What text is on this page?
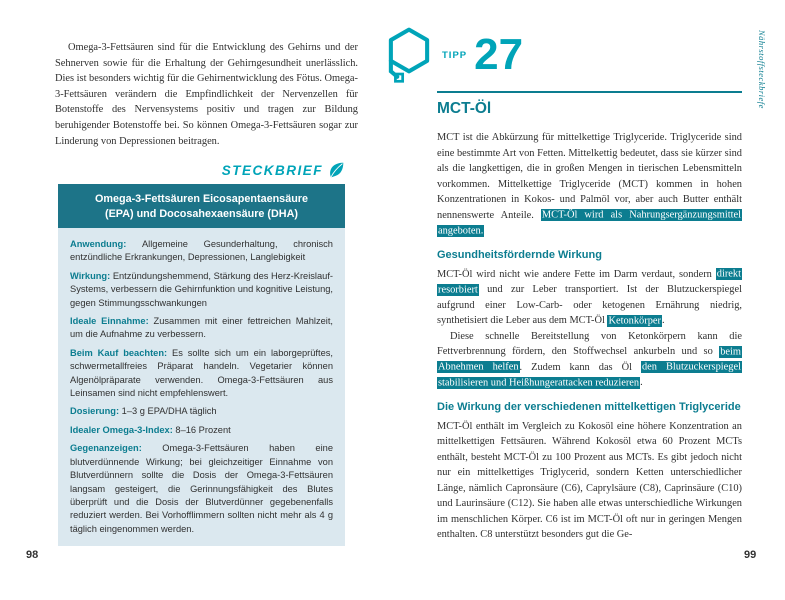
Omega-3-Fettsäuren sind für die Entwicklung des Gehirns und der Sehnerven sowie für die Erhaltung der Gehirngesundheit unerlässlich. Dies ist besonders wichtig für die Gehirnentwicklung des Fötus. Omega-3-Fettsäuren verändern die Empfindlichkeit der Nervenzellen für Botenstoffe des Nervensystems positiv und tragen zur Bildung beruhigender Botenstoffe bei. So können Omega-3-Fettsäuren sogar zur Linderung von Depressionen beitragen.

STECKBRIEF
Omega-3-Fettsäuren Eicosapentaensäure
(EPA) und Docosahexaensäure (DHA)

Anwendung: Allgemeine Gesunderhaltung, chronisch entzündliche Erkrankungen, Depressionen, Langlebigkeit

Wirkung: Entzündungshemmend, Stärkung des Herz-Kreislauf-Systems, verbessern die Gehirnfunktion und kognitive Leistung, gegen Stimmungsschwankungen

Ideale Einnahme: Zusammen mit einer fettreichen Mahlzeit, um die Aufnahme zu verbessern.

Beim Kauf beachten: Es sollte sich um ein laborgeprüftes, schwermetallfreies Präparat handeln. Vegetarier können Algenölpräparate verwenden. Omega-3-Fettsäuren aus Leinsamen sind nicht empfehlenswert.

Dosierung: 1–3 g EPA/DHA täglich

Idealer Omega-3-Index: 8–16 Prozent

Gegenanzeigen: Omega-3-Fettsäuren haben eine blutverdünnende Wirkung; bei gleichzeitiger Einnahme von Blutverdünnern sollte die Dosis der Omega-3-Fettsäuren langsam gesteigert, die Gerinnungsfähigkeit des Blutes überprüft und die Dosis der Blutverdünner gegebenenfalls reduziert werden. Bei Vorhofflimmern sollten nicht mehr als 4 g täglich eingenommen werden.

98
TIPP 27	Nährstoffsteckbriefe
MCT-Öl

MCT ist die Abkürzung für mittelkettige Triglyceride. Triglyceride sind eine bestimmte Art von Fetten. Mittelkettig bedeutet, dass sie kürzer sind als die langkettigen, die in großen Mengen in tierischen Lebensmitteln vorkommen. Mittelkettige Triglyceride (MCT) kommen in hohen Konzentrationen in Kokos- und Palmöl vor, aber auch Butter enthält nennenswerte Anteile. MCT-Öl wird als Nahrungsergänzungsmittel angeboten.

Gesundheitsfördernde Wirkung

MCT-Öl wird nicht wie andere Fette im Darm verdaut, sondern direkt resorbiert und zur Leber transportiert. Ist der Blutzuckerspiegel aufgrund einer Low-Carb- oder ketogenen Ernährung niedrig, synthetisiert die Leber aus dem MCT-Öl Ketonkörper.

Diese schnelle Bereitstellung von Ketonkörpern kann die Fettverbrennung fördern, den Stoffwechsel ankurbeln und so beim Abnehmen helfen. Zudem kann das Öl den Blutzuckerspiegel stabilisieren und Heißhungerattacken reduzieren.

Die Wirkung der verschiedenen mittelkettigen Triglyceride

MCT-Öl enthält im Vergleich zu Kokosöl eine höhere Konzentration an mittelkettigen Fettsäuren. Während Kokosöl etwa 60 Prozent MCTs enthält, besteht MCT-Öl zu 100 Prozent aus MCTs. Es gibt jedoch nicht nur ein mittelkettiges Triglycerid, sondern Ketten unterschiedlicher Länge, nämlich Capronsäure (C6), Caprylsäure (C8), Caprinsäure (C10) und Laurinsäure (C12). Sie haben alle etwas unterschiedliche Wirkungen im menschlichen Körper. C6 ist im MCT-Öl oft nur in geringen Mengen enthalten. C8 unterstützt besonders gut die Ge-

99
